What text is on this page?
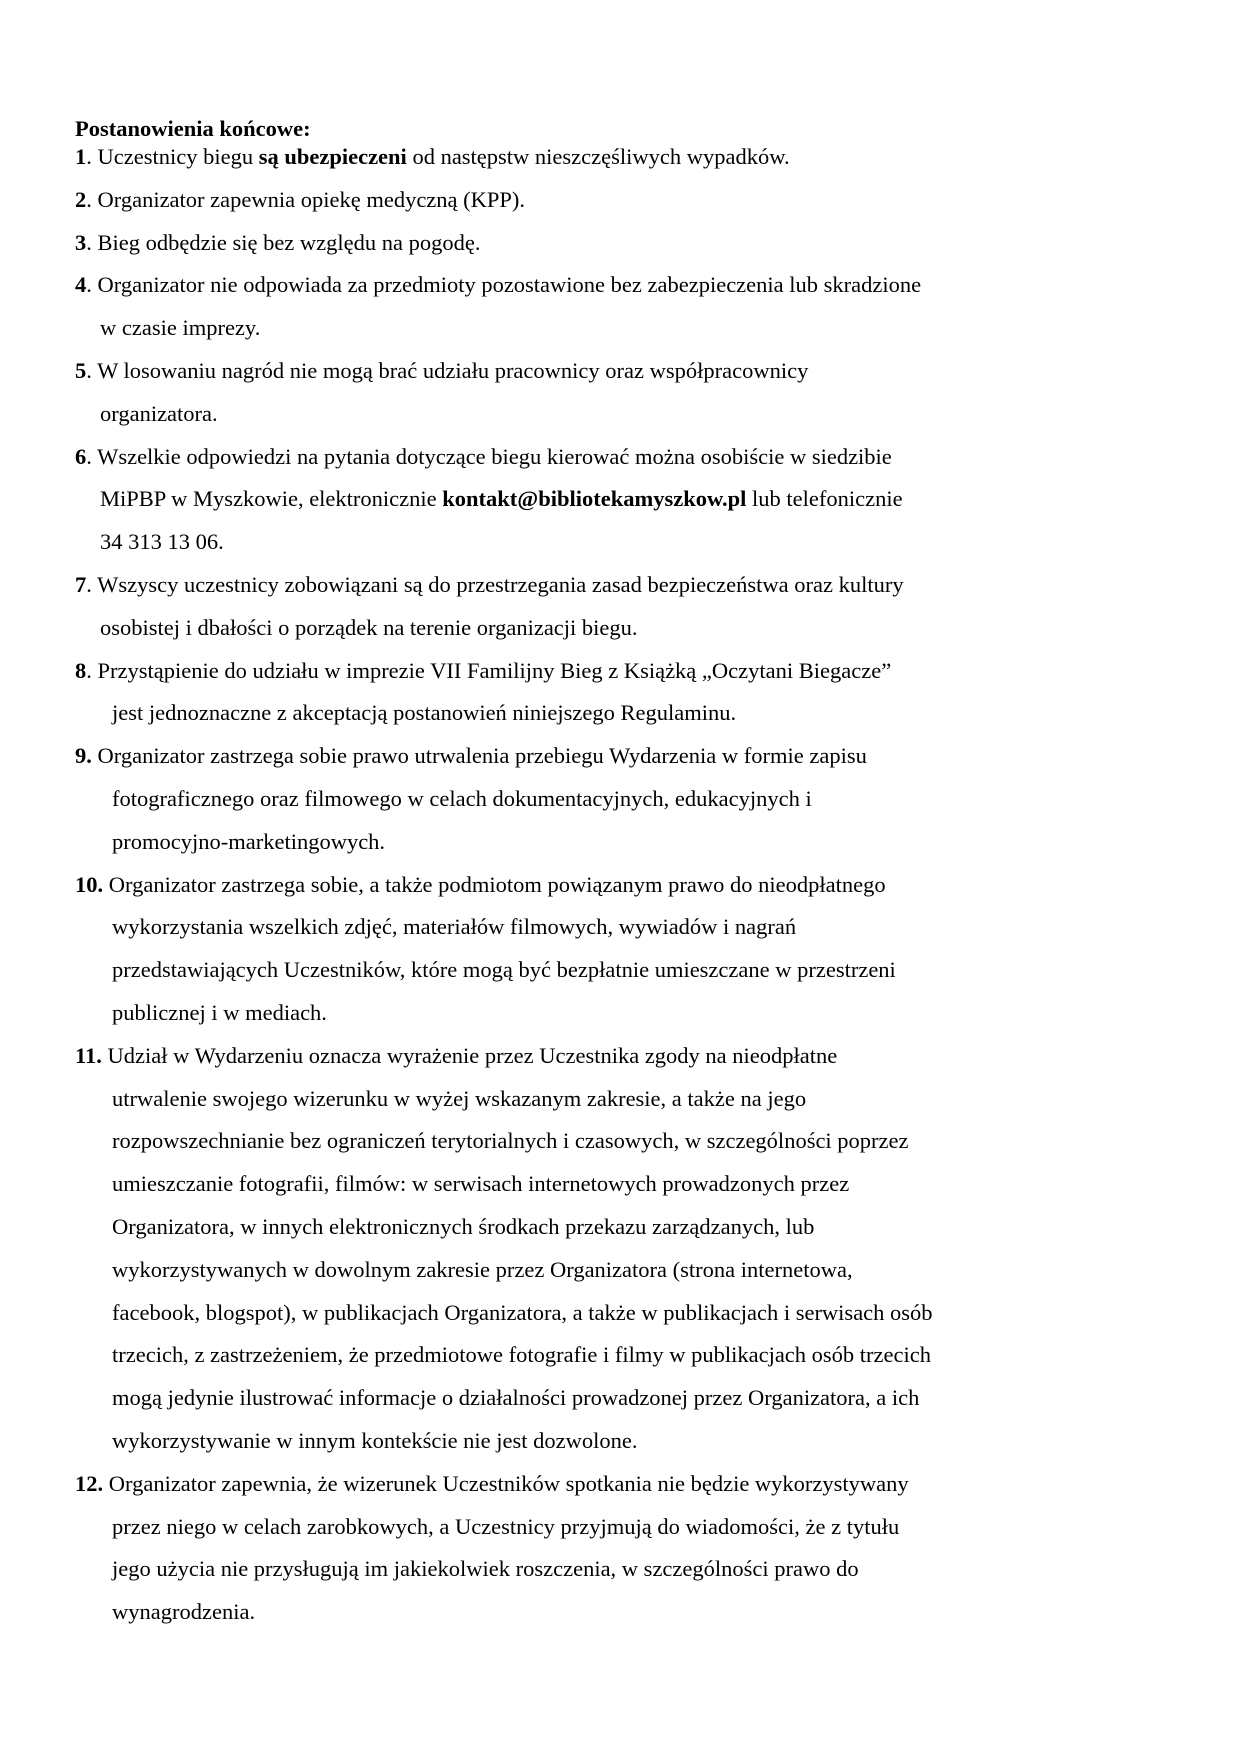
Postanowienia końcowe:
1. Uczestnicy biegu są ubezpieczeni od następstw nieszczęśliwych wypadków.
2. Organizator zapewnia opiekę medyczną (KPP).
3. Bieg odbędzie się bez względu na pogodę.
4. Organizator nie odpowiada za przedmioty pozostawione bez zabezpieczenia lub skradzione
w czasie imprezy.
5. W losowaniu nagród nie mogą brać udziału pracownicy oraz współpracownicy
organizatora.
6. Wszelkie odpowiedzi na pytania dotyczące biegu kierować można osobiście w siedzibie
MiPBP w Myszkowie, elektronicznie kontakt@bibliotekamyszkow.pl lub telefonicznie
34 313 13 06.
7. Wszyscy uczestnicy zobowiązani są do przestrzegania zasad bezpieczeństwa oraz kultury
osobistej i dbałości o porządek na terenie organizacji biegu.
8. Przystąpienie do udziału w imprezie VII Familijny Bieg z Książką „Oczytani Biegacze”
jest jednoznaczne z akceptacją postanowień niniejszego Regulaminu.
9. Organizator zastrzega sobie prawo utrwalenia przebiegu Wydarzenia w formie zapisu
fotograficznego oraz filmowego w celach dokumentacyjnych, edukacyjnych i
promocyjno-marketingowych.
10. Organizator zastrzega sobie, a także podmiotom powiązanym prawo do nieodpłatnego
wykorzystania wszelkich zdjęć, materiałów filmowych, wywiadów i nagrań
przedstawiających Uczestników, które mogą być bezpłatnie umieszczane w przestrzeni
publicznej i w mediach.
11. Udział w Wydarzeniu oznacza wyrażenie przez Uczestnika zgody na nieodpłatne
utrwalenie swojego wizerunku w wyżej wskazanym zakresie, a także na jego
rozpowszechnianie bez ograniczeń terytorialnych i czasowych, w szczególności poprzez
umieszczanie fotografii, filmów: w serwisach internetowych prowadzonych przez
Organizatora, w innych elektronicznych środkach przekazu zarządzanych, lub
wykorzystywanych w dowolnym zakresie przez Organizatora (strona internetowa,
facebook, blogspot), w publikacjach Organizatora, a także w publikacjach i serwisach osób
trzecich, z zastrzeżeniem, że przedmiotowe fotografie i filmy w publikacjach osób trzecich
mogą jedynie ilustrować informacje o działalności prowadzonej przez Organizatora, a ich
wykorzystywanie w innym kontekście nie jest dozwolone.
12. Organizator zapewnia, że wizerunek Uczestników spotkania nie będzie wykorzystywany
przez niego w celach zarobkowych, a Uczestnicy przyjmują do wiadomości, że z tytułu
jego użycia nie przysługują im jakiekolwiek roszczenia, w szczególności prawo do
wynagrodzenia.
